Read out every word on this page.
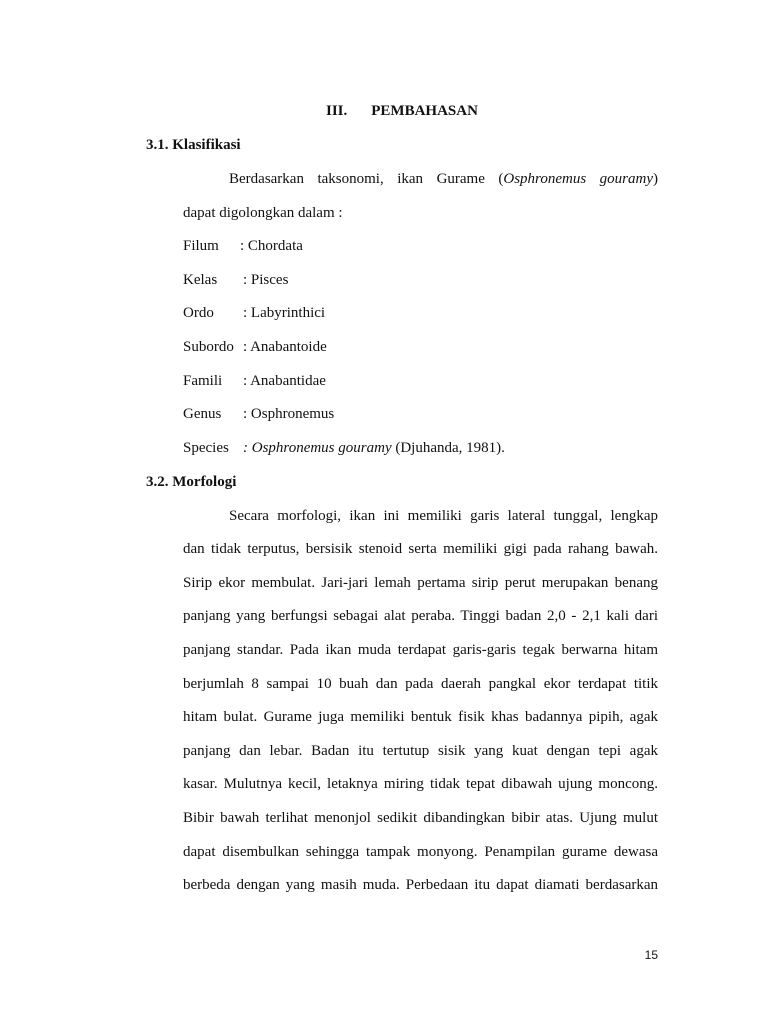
III. PEMBAHASAN
3.1. Klasifikasi
Berdasarkan taksonomi, ikan Gurame (Osphronemus gouramy)
dapat digolongkan dalam :
Filum : Chordata
Kelas : Pisces
Ordo : Labyrinthici
Subordo : Anabantoide
Famili : Anabantidae
Genus : Osphronemus
Species : Osphronemus gouramy (Djuhanda, 1981).
3.2. Morfologi
Secara morfologi, ikan ini memiliki garis lateral tunggal, lengkap
dan tidak terputus, bersisik stenoid serta memiliki gigi pada rahang bawah.
Sirip ekor membulat. Jari-jari lemah pertama sirip perut merupakan benang
panjang yang berfungsi sebagai alat peraba. Tinggi badan 2,0 - 2,1 kali dari
panjang standar. Pada ikan muda terdapat garis-garis tegak berwarna hitam
berjumlah 8 sampai 10 buah dan pada daerah pangkal ekor terdapat titik
hitam bulat. Gurame juga memiliki bentuk fisik khas badannya pipih, agak
panjang dan lebar. Badan itu tertutup sisik yang kuat dengan tepi agak
kasar. Mulutnya kecil, letaknya miring tidak tepat dibawah ujung moncong.
Bibir bawah terlihat menonjol sedikit dibandingkan bibir atas. Ujung mulut
dapat disembulkan sehingga tampak monyong. Penampilan gurame dewasa
berbeda dengan yang masih muda. Perbedaan itu dapat diamati berdasarkan
15
